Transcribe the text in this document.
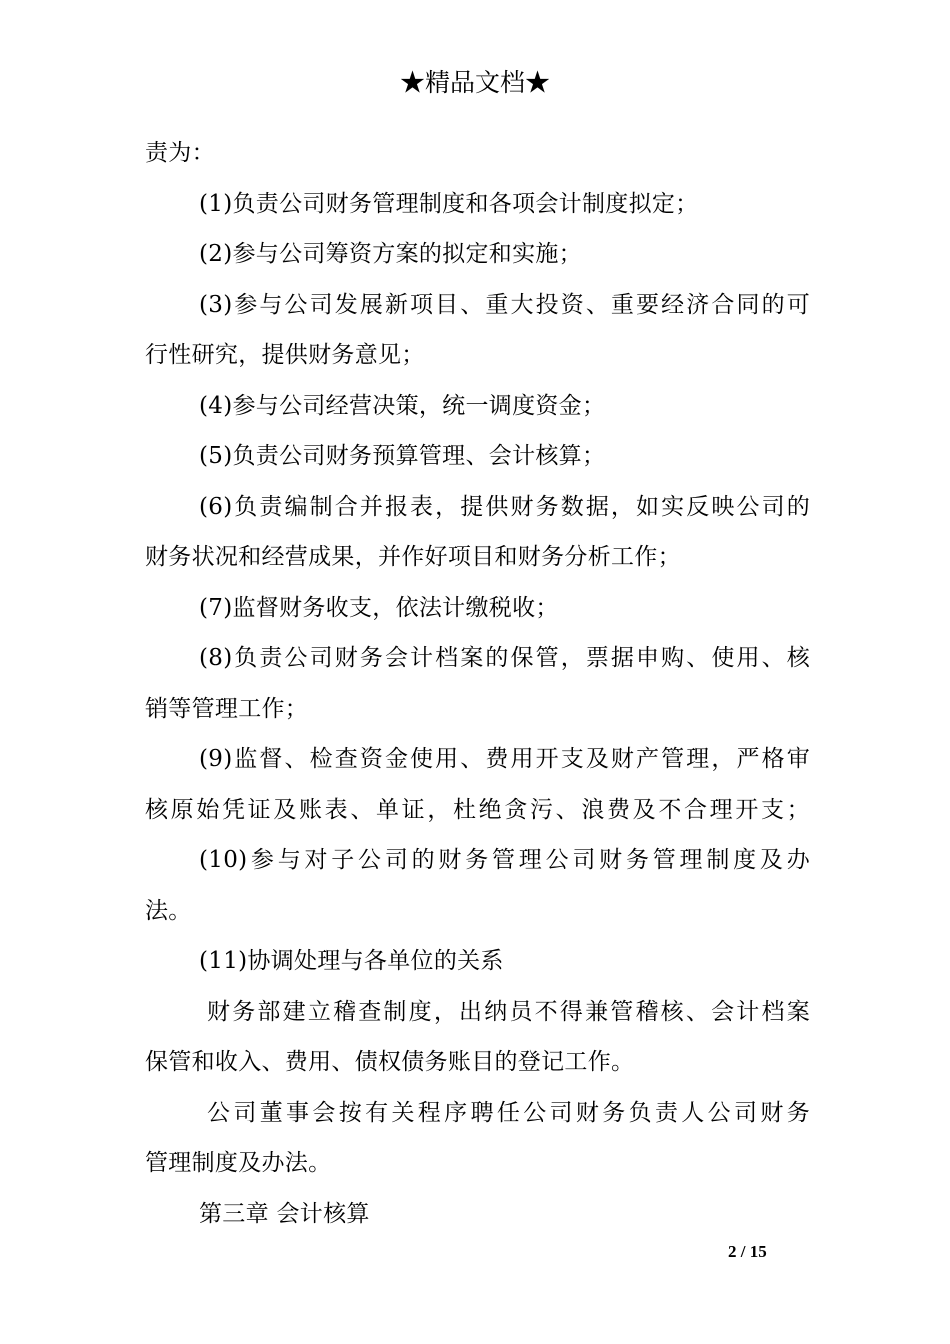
★精品文档★
责为：
(1)负责公司财务管理制度和各项会计制度拟定；
(2)参与公司筹资方案的拟定和实施；
(3)参与公司发展新项目、重大投资、重要经济合同的可
行性研究，提供财务意见；
(4)参与公司经营决策，统一调度资金；
(5)负责公司财务预算管理、会计核算；
(6)负责编制合并报表，提供财务数据，如实反映公司的
财务状况和经营成果，并作好项目和财务分析工作；
(7)监督财务收支，依法计缴税收；
(8)负责公司财务会计档案的保管，票据申购、使用、核
销等管理工作；
(9)监督、检查资金使用、费用开支及财产管理，严格审
核原始凭证及账表、单证，杜绝贪污、浪费及不合理开支；
(10)参与对子公司的财务管理公司财务管理制度及办
法。
(11)协调处理与各单位的关系
财务部建立稽查制度，出纳员不得兼管稽核、会计档案
保管和收入、费用、债权债务账目的登记工作。
公司董事会按有关程序聘任公司财务负责人公司财务
管理制度及办法。
第三章 会计核算
2 / 15
